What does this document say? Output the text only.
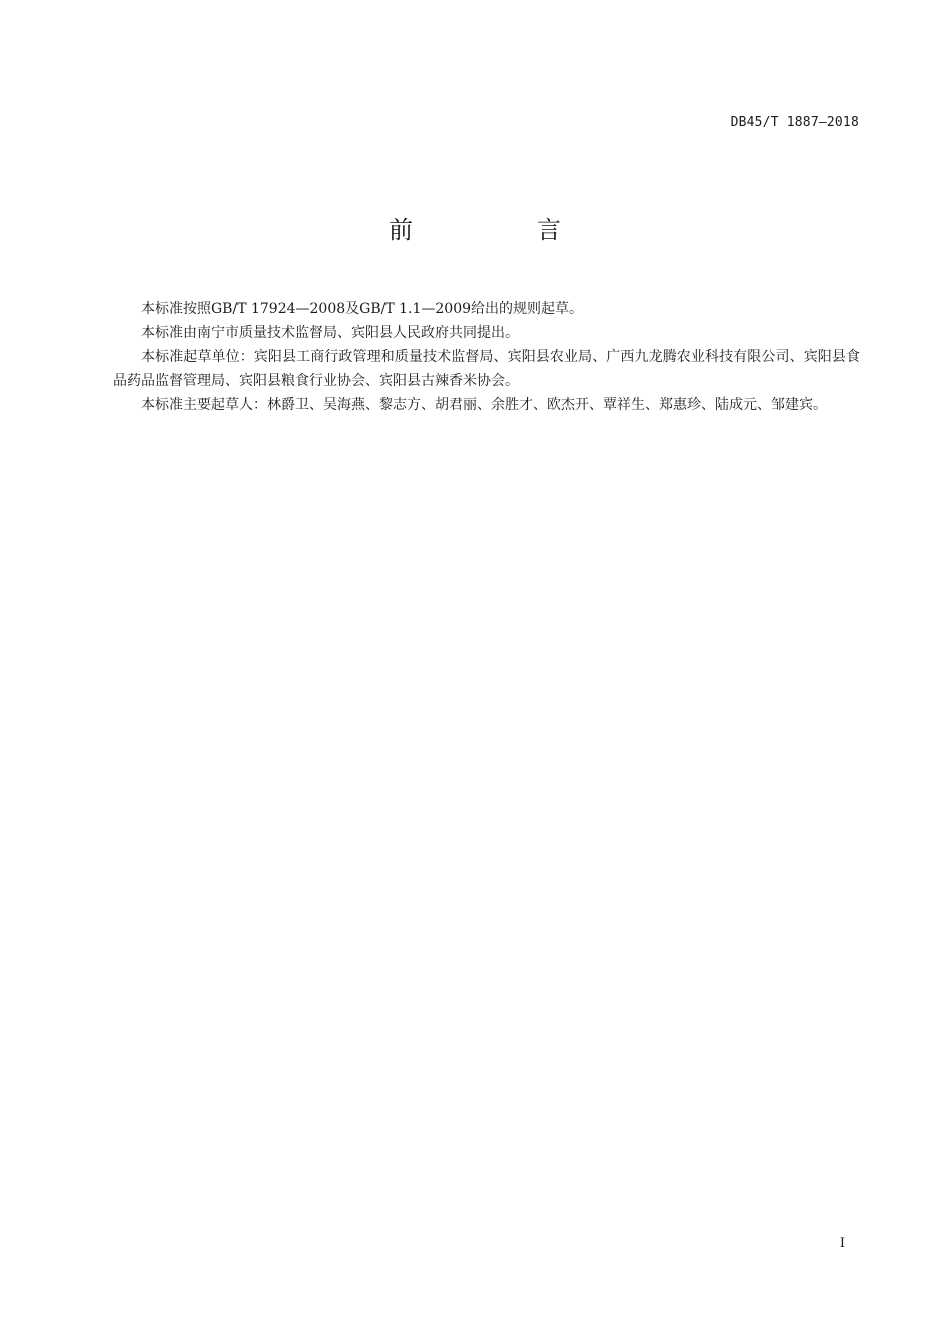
DB45/T 1887—2018
前　言

本标准按照GB/T 17924—2008及GB/T 1.1—2009给出的规则起草。

本标准由南宁市质量技术监督局、宾阳县人民政府共同提出。

本标准起草单位：宾阳县工商行政管理和质量技术监督局、宾阳县农业局、广西九龙腾农业科技有限公司、宾阳县食品药品监督管理局、宾阳县粮食行业协会、宾阳县古辣香米协会。

本标准主要起草人：林爵卫、吴海燕、黎志方、胡君丽、余胜才、欧杰开、覃祥生、郑惠珍、陆成元、邹建宾。

I
